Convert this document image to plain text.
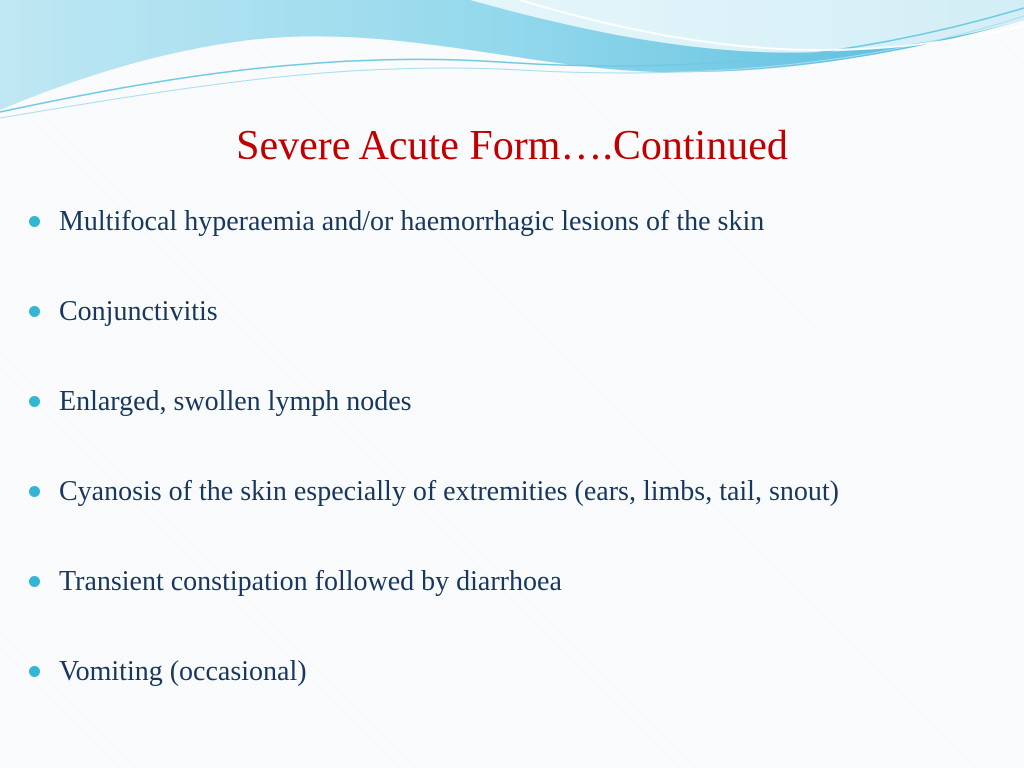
Severe Acute Form….Continued
Multifocal hyperaemia and/or haemorrhagic lesions of the skin
Conjunctivitis
Enlarged, swollen lymph nodes
Cyanosis of the skin especially of extremities (ears, limbs, tail, snout)
Transient constipation followed by diarrhoea
Vomiting (occasional)
